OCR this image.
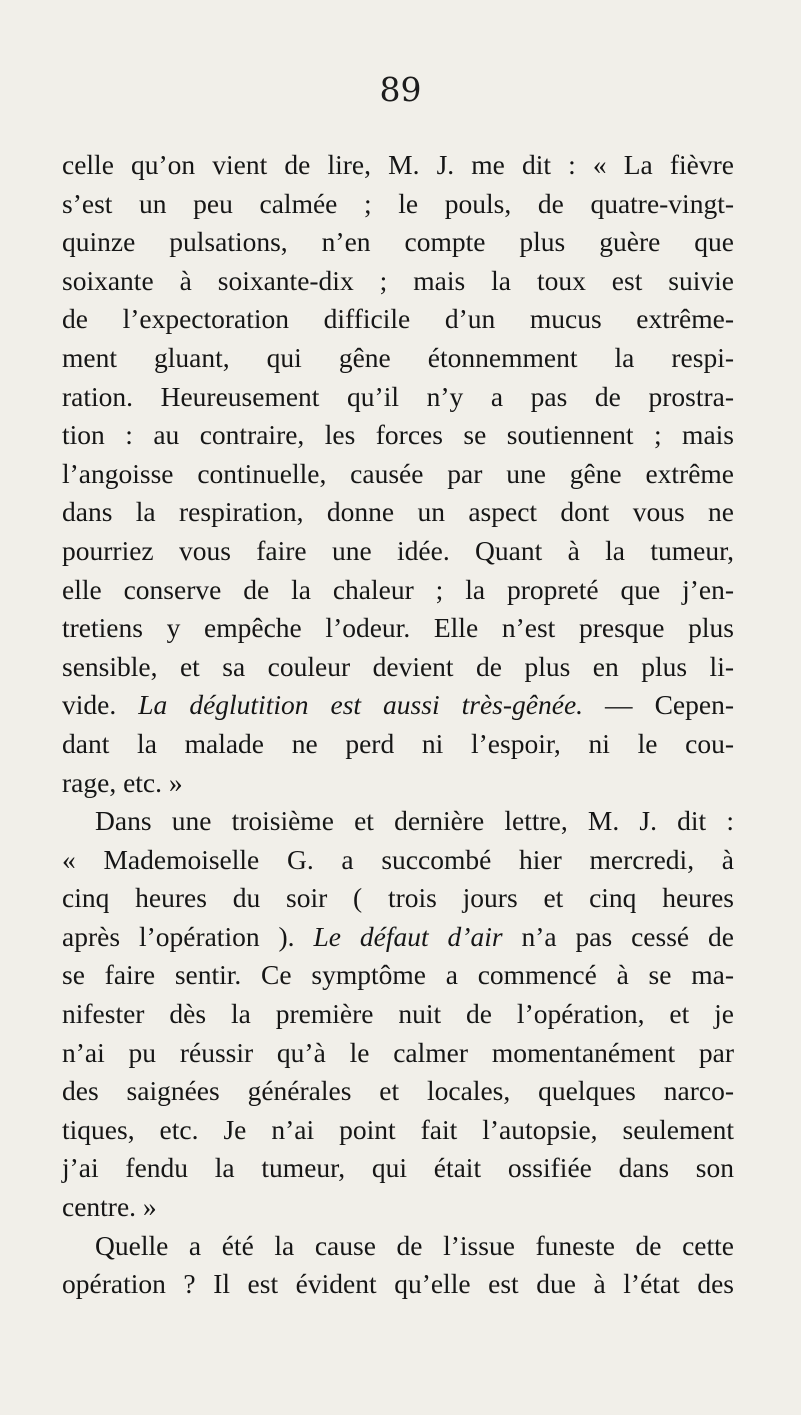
89

celle qu’on vient de lire, M. J. me dit : « La fièvre

s’est un peu calmée ; le pouls, de quatre-vingt-

quinze pulsations, n’en compte plus guère que

soixante à soixante-dix ; mais la toux est suivie

de l’expectoration difficile d’un mucus extrême-

ment gluant, qui gêne étonnemment la respi-

ration. Heureusement qu’il n’y a pas de prostra-

tion : au contraire, les forces se soutiennent ; mais

l’angoisse continuelle, causée par une gêne extrême

dans la respiration, donne un aspect dont vous ne

pourriez vous faire une idée. Quant à la tumeur,

elle conserve de la chaleur ; la propreté que j’en-

tretiens y empêche l’odeur. Elle n’est presque plus

sensible, et sa couleur devient de plus en plus li-

vide. La déglutition est aussi très-gênée. — Cepen-

dant la malade ne perd ni l’espoir, ni le cou-

rage, etc. »

Dans une troisième et dernière lettre, M. J. dit :

« Mademoiselle G. a succombé hier mercredi, à

cinq heures du soir ( trois jours et cinq heures

après l’opération ). Le défaut d’air n’a pas cessé de

se faire sentir. Ce symptôme a commencé à se ma-

nifester dès la première nuit de l’opération, et je

n’ai pu réussir qu’à le calmer momentanément par

des saignées générales et locales, quelques narco-

tiques, etc. Je n’ai point fait l’autopsie, seulement

j’ai fendu la tumeur, qui était ossifiée dans son

centre. »

Quelle a été la cause de l’issue funeste de cette

opération ? Il est évident qu’elle est due à l’état des
